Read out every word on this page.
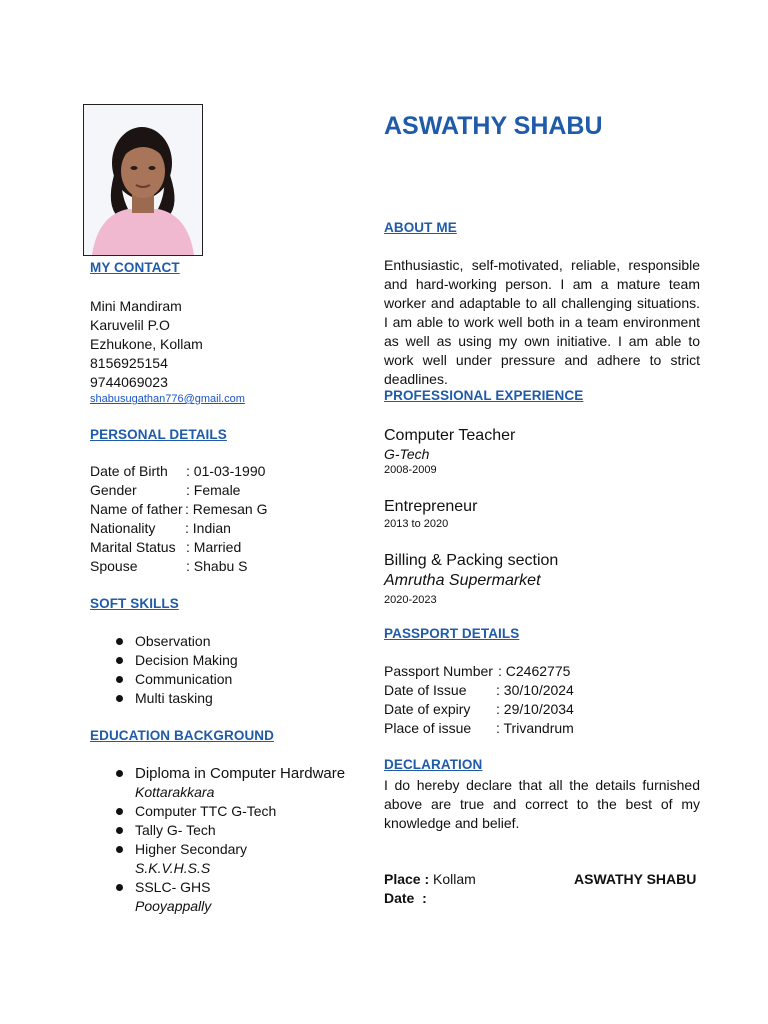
ASWATHY SHABU
MY CONTACT
Mini Mandiram
Karuvelil P.O
Ezhukone, Kollam
8156925154
9744069023
shabusugathan776@gmail.com
PERSONAL DETAILS
Date of Birth	: 01-03-1990
Gender	: Female
Name of father : Remesan G
Nationality	: Indian
Marital Status : Married
Spouse	: Shabu S
SOFT SKILLS
Observation
Decision Making
Communication
Multi tasking
EDUCATION BACKGROUND
Diploma in Computer Hardware
Kottarakkara
Computer TTC G-Tech
Tally G- Tech
Higher Secondary
S.K.V.H.S.S
SSLC- GHS
Pooyappally
ABOUT ME
Enthusiastic, self-motivated, reliable, responsible and hard-working person. I am a mature team worker and adaptable to all challenging situations. I am able to work well both in a team environment as well as using my own initiative. I am able to work well under pressure and adhere to strict deadlines.
PROFESSIONAL EXPERIENCE
Computer Teacher
G-Tech
2008-2009
Entrepreneur
2013 to 2020
Billing & Packing section
Amrutha Supermarket
2020-2023
PASSPORT DETAILS
Passport Number : C2462775
Date of Issue	: 30/10/2024
Date of expiry	: 29/10/2034
Place of issue	: Trivandrum
DECLARATION
I do hereby declare that all the details furnished above are true and correct to the best of my knowledge and belief.
Place : Kollam
Date  :
ASWATHY SHABU
